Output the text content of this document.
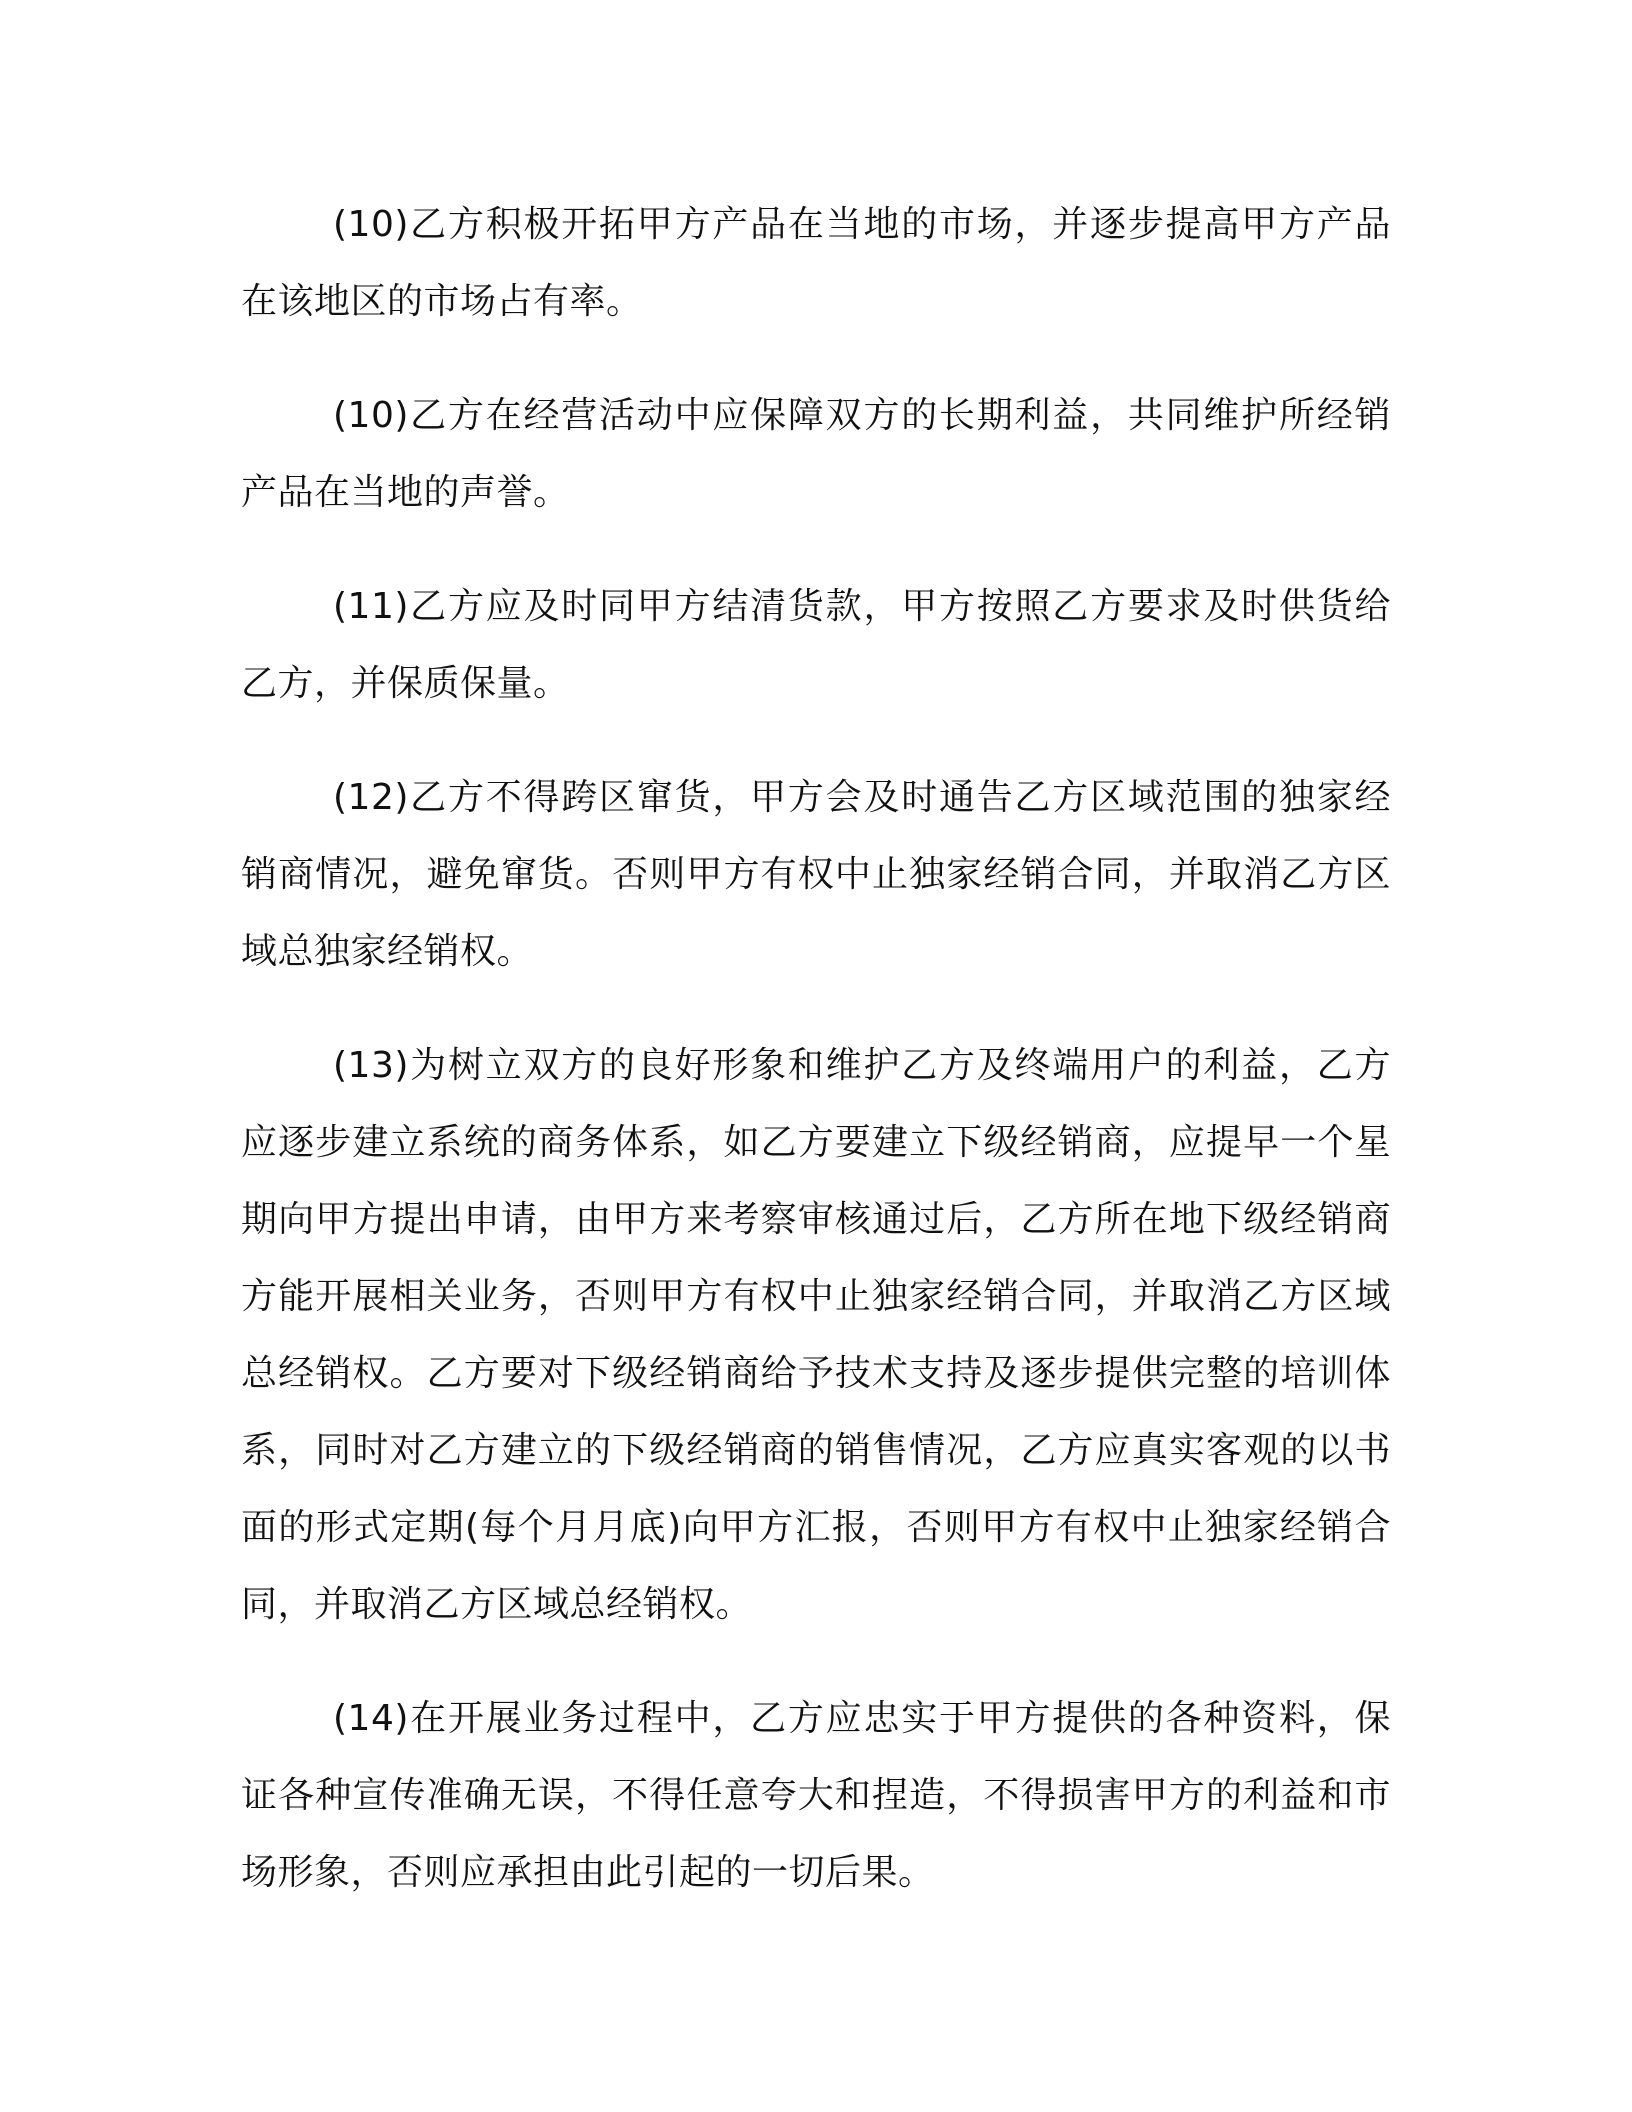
(10)乙方积极开拓甲方产品在当地的市场，并逐步提高甲方产品在该地区的市场占有率。

(10)乙方在经营活动中应保障双方的长期利益，共同维护所经销产品在当地的声誉。

(11)乙方应及时同甲方结清货款，甲方按照乙方要求及时供货给乙方，并保质保量。

(12)乙方不得跨区窜货，甲方会及时通告乙方区域范围的独家经销商情况，避免窜货。否则甲方有权中止独家经销合同，并取消乙方区域总独家经销权。

(13)为树立双方的良好形象和维护乙方及终端用户的利益，乙方应逐步建立系统的商务体系，如乙方要建立下级经销商，应提早一个星期向甲方提出申请，由甲方来考察审核通过后，乙方所在地下级经销商方能开展相关业务，否则甲方有权中止独家经销合同，并取消乙方区域总经销权。乙方要对下级经销商给予技术支持及逐步提供完整的培训体系，同时对乙方建立的下级经销商的销售情况，乙方应真实客观的以书面的形式定期(每个月月底)向甲方汇报，否则甲方有权中止独家经销合同，并取消乙方区域总经销权。

(14)在开展业务过程中，乙方应忠实于甲方提供的各种资料，保证各种宣传准确无误，不得任意夸大和捏造，不得损害甲方的利益和市场形象，否则应承担由此引起的一切后果。
